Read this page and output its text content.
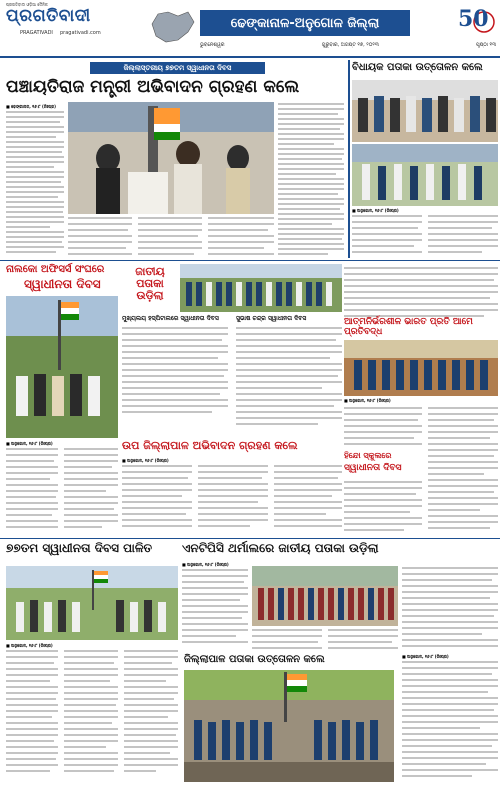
ପ୍ରଗତିବାଦୀ ଓଡ଼ିଆ ଦୈନିକ
ପ୍ରଗତିବାଦୀ
PRAGATIVADI pragativadi.com
ଢେଙ୍କାନାଳ-ଅନୁଗୋଳ ଜିଲ୍ଲା
ଭୁବନେଶ୍ୱର	ଗୁରୁବାର, ଅଗଷ୍ଟ ୧୭, ୨୦୨୩	ପୃଷ୍ଠା ୧୩
50
ଜିଲ୍ଲାସ୍ତରୀୟ ୭୭ତମ ସ୍ୱାଧୀନତା ଦିବସ
ପଞ୍ଚାୟତିରାଜ ମନ୍ତ୍ରୀ ଅଭିବାଦନ ଗ୍ରହଣ କଲେ
■ ଢେଙ୍କାନାଳ, ୧୬।୮ (ନିଃପ୍ର)
ବିଧାୟକ ପତାକା ଉତ୍ତୋଳନ କଲେ
■ ଅନୁଗୋଳ, ୧୬।୮ (ନିଃପ୍ର)
ନାଲକୋ ଅଫିସର୍ସ ସଂଘରେ
ସ୍ୱାଧୀନତା ଦିବସ
■ ଅନୁଗୋଳ, ୧୬।୮ (ନିଃପ୍ର)
ଜାତୀୟ ପତାକା ଉଡ଼ିଲା
ମୁଖ୍ୟଲୟ ହସ୍ପିଟାଲରେ ସ୍ୱାଧୀନତା ଦିବସ	ସୁଭାଷ ଚନ୍ଦ୍ର ସ୍ୱାଧୀନତା ଦିବସ	ଆତ୍ମନିର୍ଭରଶୀଳ ଭାରତ ପ୍ରତି ଆମେ ପ୍ରତିବଦ୍ଧ
■ ଅନୁଗୋଳ, ୧୬।୮ (ନିଃପ୍ର)
ଉପ ଜିଲ୍ଲାପାଳ ଅଭିବାଦନ ଗ୍ରହଣ କଲେ
■ ଅନୁଗୋଳ, ୧୬।୮ (ନିଃପ୍ର)
ହିନ୍ଦୋ ସ୍କୁଲରେ
ସ୍ୱାଧୀନତା ଦିବସ
୭୭ତମ ସ୍ୱାଧୀନତା ଦିବସ ପାଳିତ
■ ଅନୁଗୋଳ, ୧୬।୮ (ନିଃପ୍ର)
ଏନଟିପିସି ଥର୍ମାଲରେ ଜାତୀୟ ପତାକା ଉଡ଼ିଲା
■ ଅନୁଗୋଳ, ୧୬।୮ (ନିଃପ୍ର)
ଜିଲ୍ଲାପାଳ ପତାକା ଉତ୍ତୋଳନ କଲେ	■ ଅନୁଗୋଳ, ୧୬।୮ (ନିଃପ୍ର)
